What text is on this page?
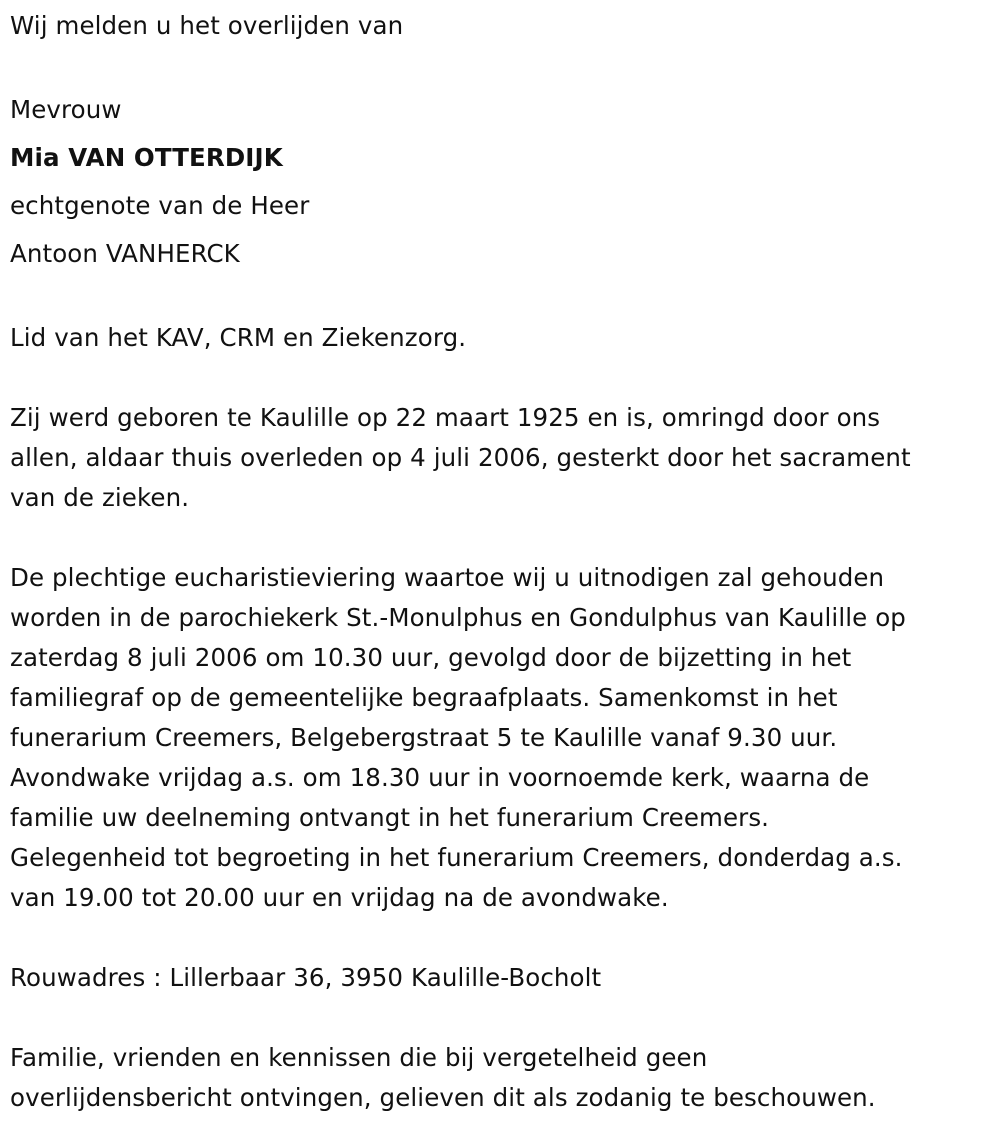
Wij melden u het overlijden van

Mevrouw

Mia VAN OTTERDIJK

echtgenote van de Heer

Antoon VANHERCK

Lid van het KAV, CRM en Ziekenzorg.

Zij werd geboren te Kaulille op 22 maart 1925 en is, omringd door ons

allen, aldaar thuis overleden op 4 juli 2006, gesterkt door het sacrament

van de zieken.

De plechtige eucharistieviering waartoe wij u uitnodigen zal gehouden

worden in de parochiekerk St.-Monulphus en Gondulphus van Kaulille op

zaterdag 8 juli 2006 om 10.30 uur, gevolgd door de bijzetting in het

familiegraf op de gemeentelijke begraafplaats. Samenkomst in het

funerarium Creemers, Belgebergstraat 5 te Kaulille vanaf 9.30 uur.

Avondwake vrijdag a.s. om 18.30 uur in voornoemde kerk, waarna de

familie uw deelneming ontvangt in het funerarium Creemers.

Gelegenheid tot begroeting in het funerarium Creemers, donderdag a.s.

van 19.00 tot 20.00 uur en vrijdag na de avondwake.

Rouwadres : Lillerbaar 36, 3950 Kaulille-Bocholt

Familie, vrienden en kennissen die bij vergetelheid geen

overlijdensbericht ontvingen, gelieven dit als zodanig te beschouwen.
